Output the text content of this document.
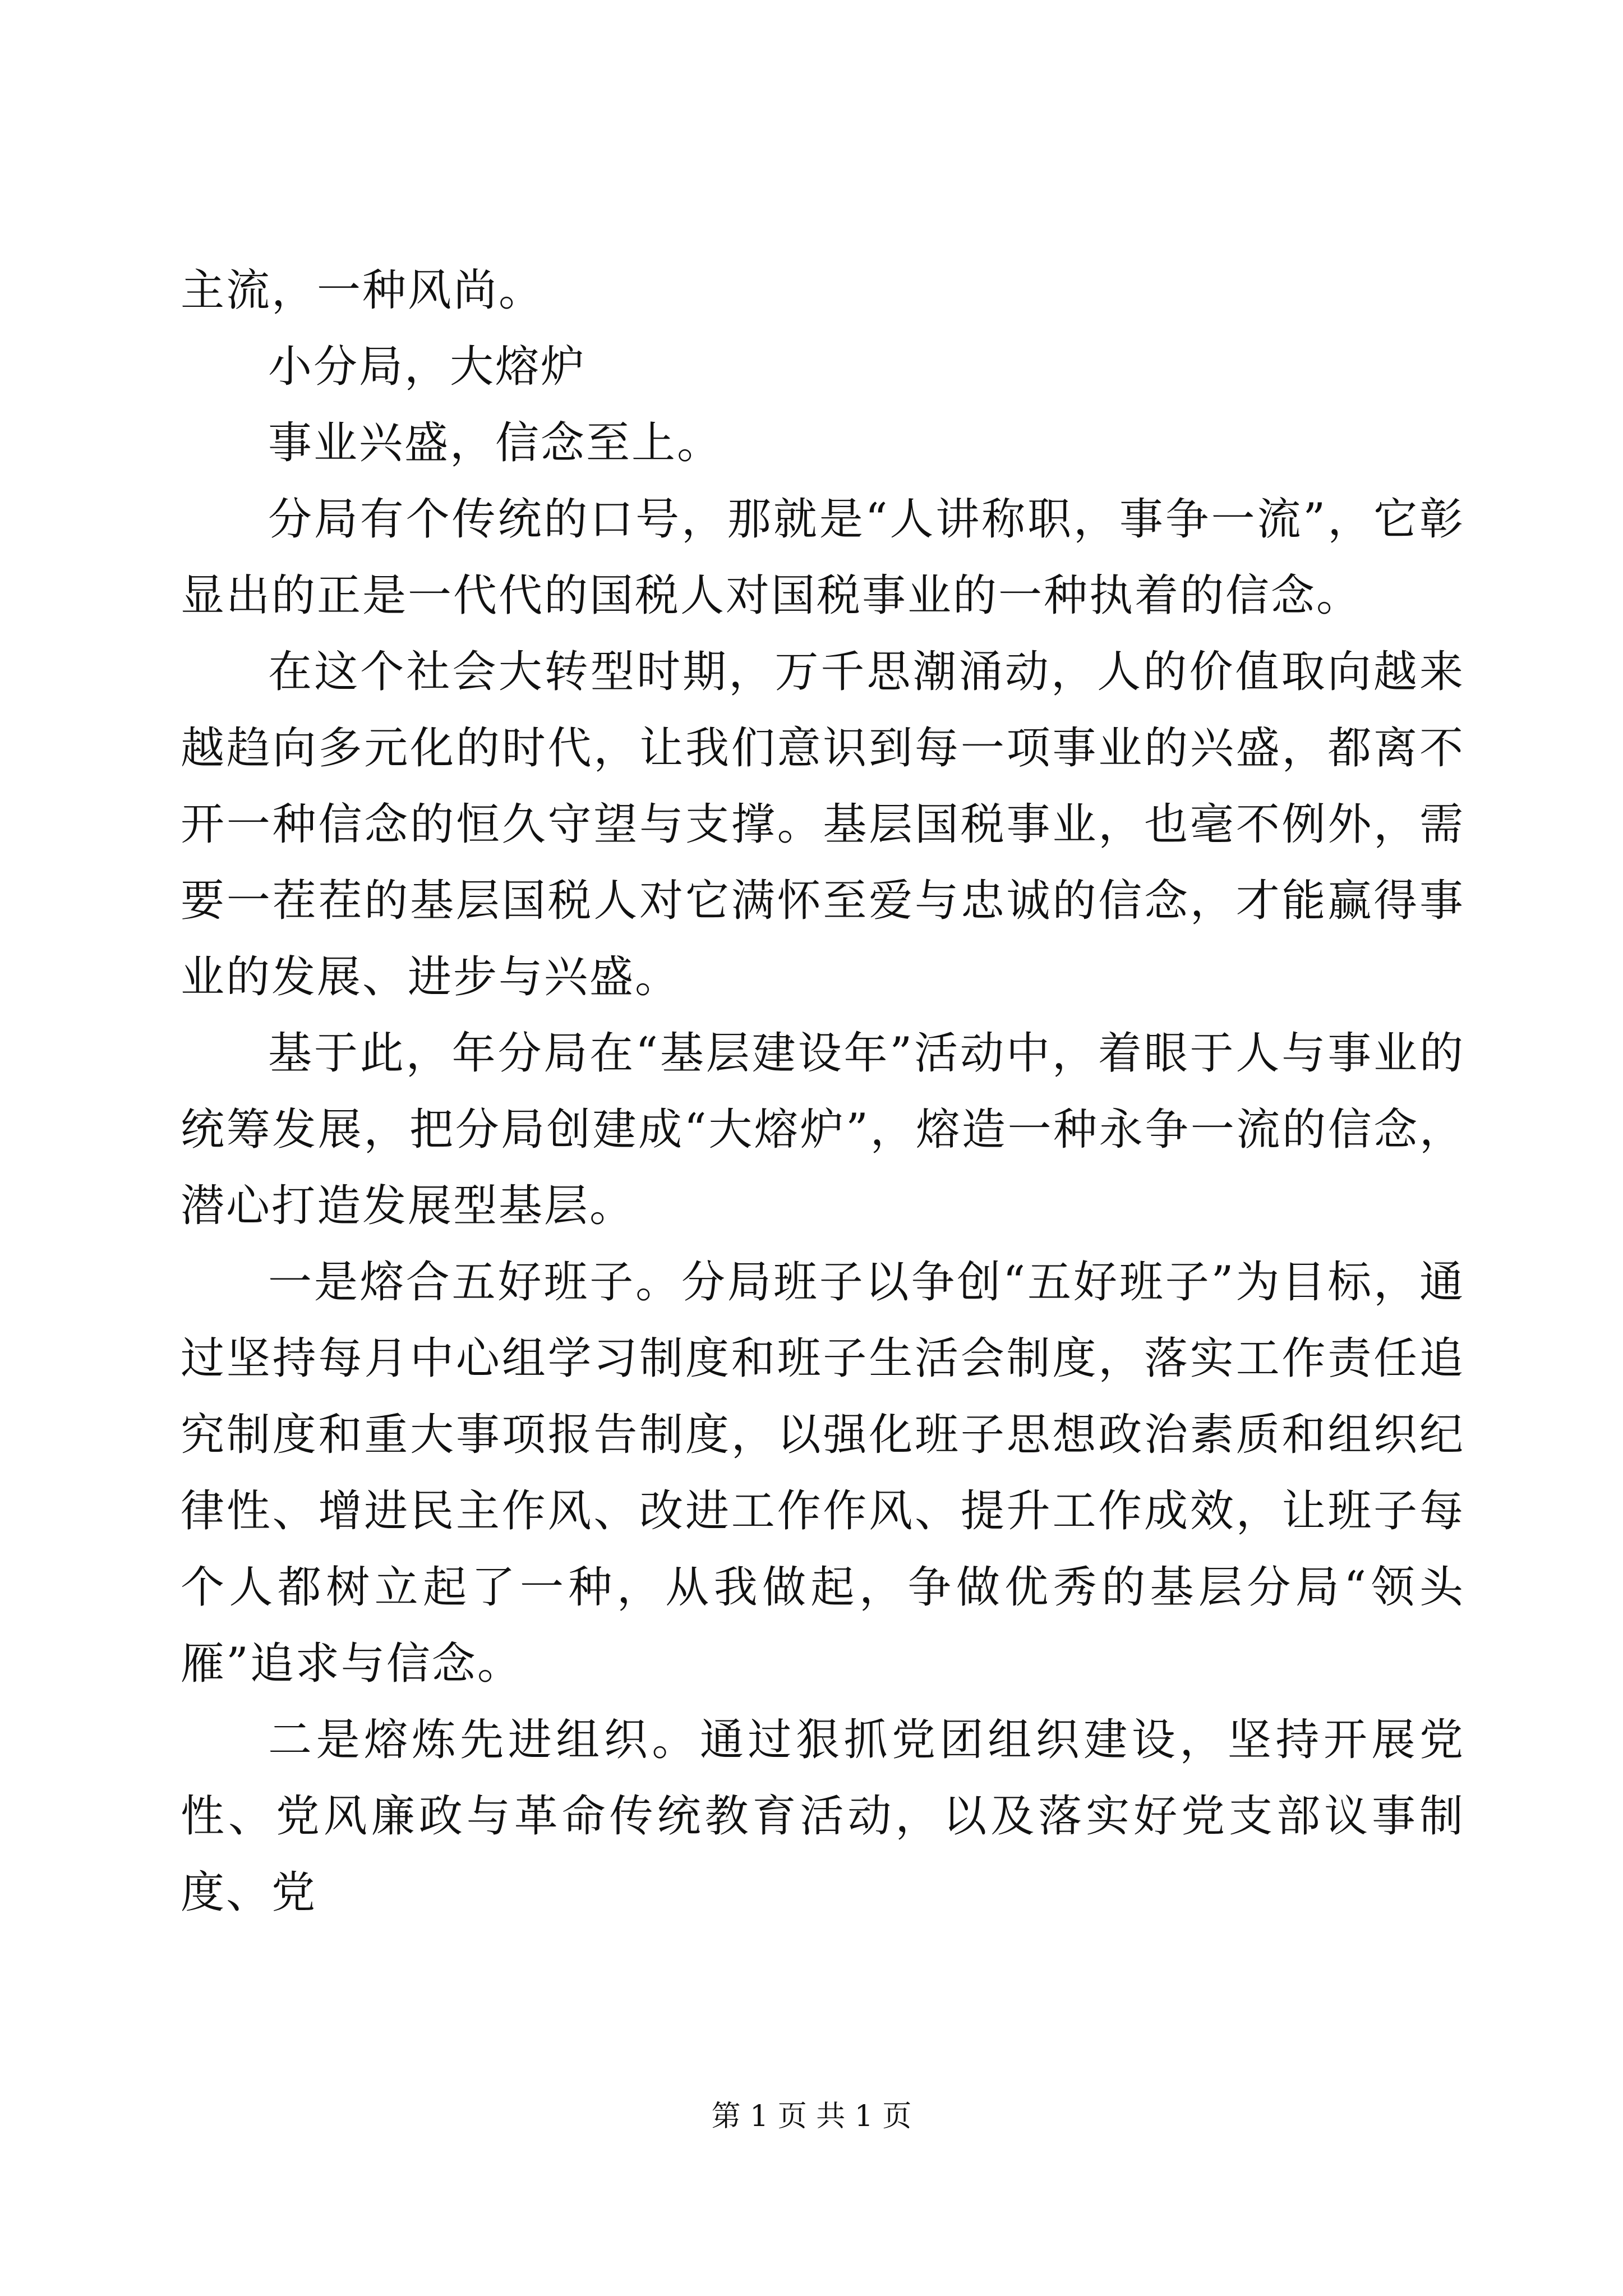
主流，一种风尚。

小分局，大熔炉

事业兴盛，信念至上。

分局有个传统的口号，那就是“人讲称职，事争一流”，它彰显出的正是一代代的国税人对国税事业的一种执着的信念。

在这个社会大转型时期，万千思潮涌动，人的价值取向越来越趋向多元化的时代，让我们意识到每一项事业的兴盛，都离不开一种信念的恒久守望与支撑。基层国税事业，也毫不例外，需要一茬茬的基层国税人对它满怀至爱与忠诚的信念，才能赢得事业的发展、进步与兴盛。

基于此，年分局在“基层建设年”活动中，着眼于人与事业的统筹发展，把分局创建成“大熔炉”，熔造一种永争一流的信念，潜心打造发展型基层。

一是熔合五好班子。分局班子以争创“五好班子”为目标，通过坚持每月中心组学习制度和班子生活会制度，落实工作责任追究制度和重大事项报告制度，以强化班子思想政治素质和组织纪律性、增进民主作风、改进工作作风、提升工作成效，让班子每个人都树立起了一种，从我做起，争做优秀的基层分局“领头雁”追求与信念。

二是熔炼先进组织。通过狠抓党团组织建设，坚持开展党性、党风廉政与革命传统教育活动，以及落实好党支部议事制度、党

第 1 页 共 1 页
